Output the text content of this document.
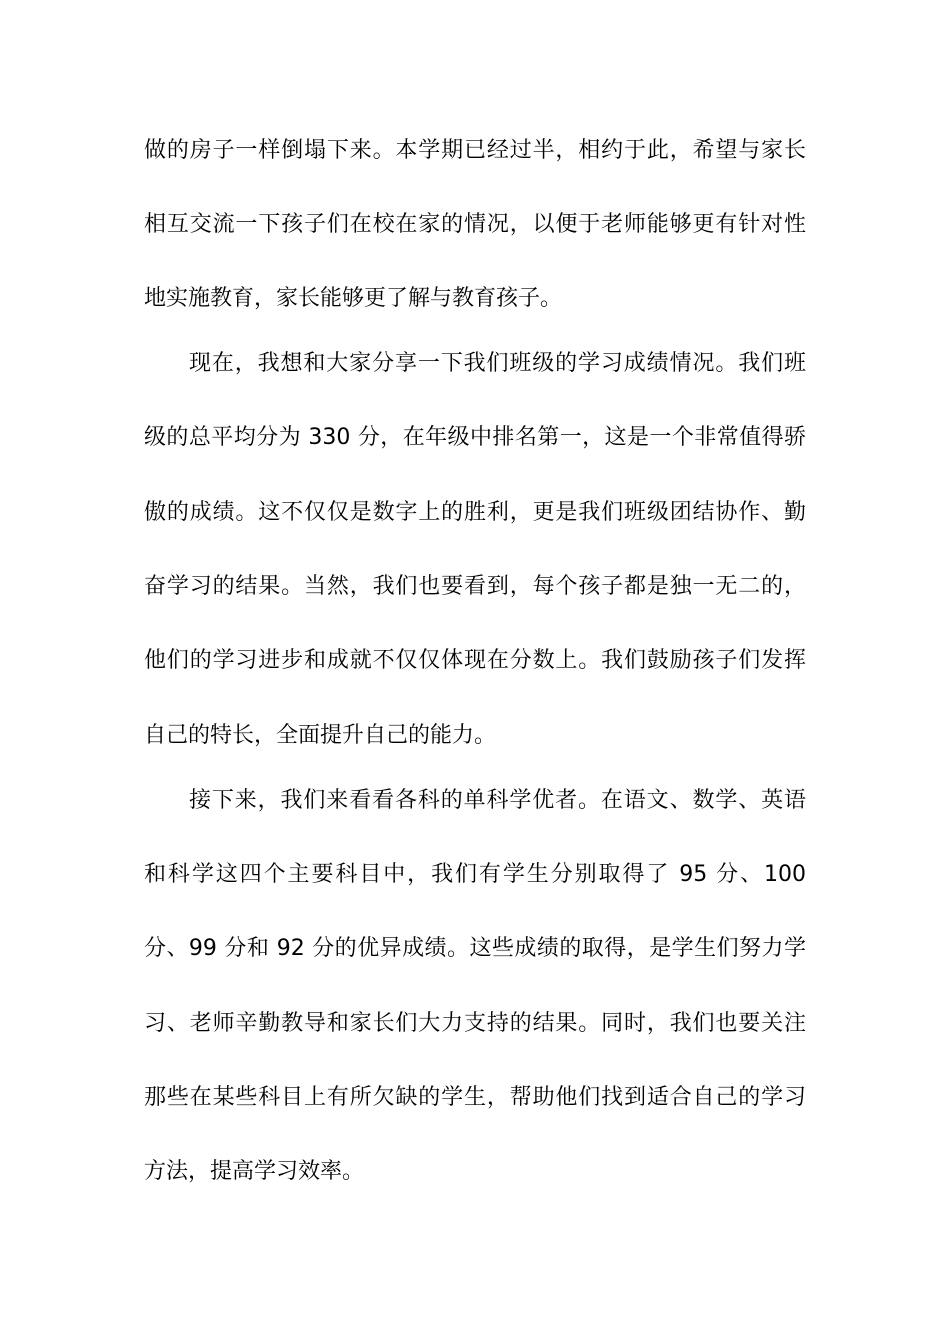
做的房子一样倒塌下来。本学期已经过半，相约于此，希望与家长
相互交流一下孩子们在校在家的情况，以便于老师能够更有针对性
地实施教育，家长能够更了解与教育孩子。
现在，我想和大家分享一下我们班级的学习成绩情况。我们班
级的总平均分为 330 分，在年级中排名第一，这是一个非常值得骄
傲的成绩。这不仅仅是数字上的胜利，更是我们班级团结协作、勤
奋学习的结果。当然，我们也要看到，每个孩子都是独一无二的，
他们的学习进步和成就不仅仅体现在分数上。我们鼓励孩子们发挥
自己的特长，全面提升自己的能力。
接下来，我们来看看各科的单科学优者。在语文、数学、英语
和科学这四个主要科目中，我们有学生分别取得了 95 分、100
分、99 分和 92 分的优异成绩。这些成绩的取得，是学生们努力学
习、老师辛勤教导和家长们大力支持的结果。同时，我们也要关注
那些在某些科目上有所欠缺的学生，帮助他们找到适合自己的学习
方法，提高学习效率。
